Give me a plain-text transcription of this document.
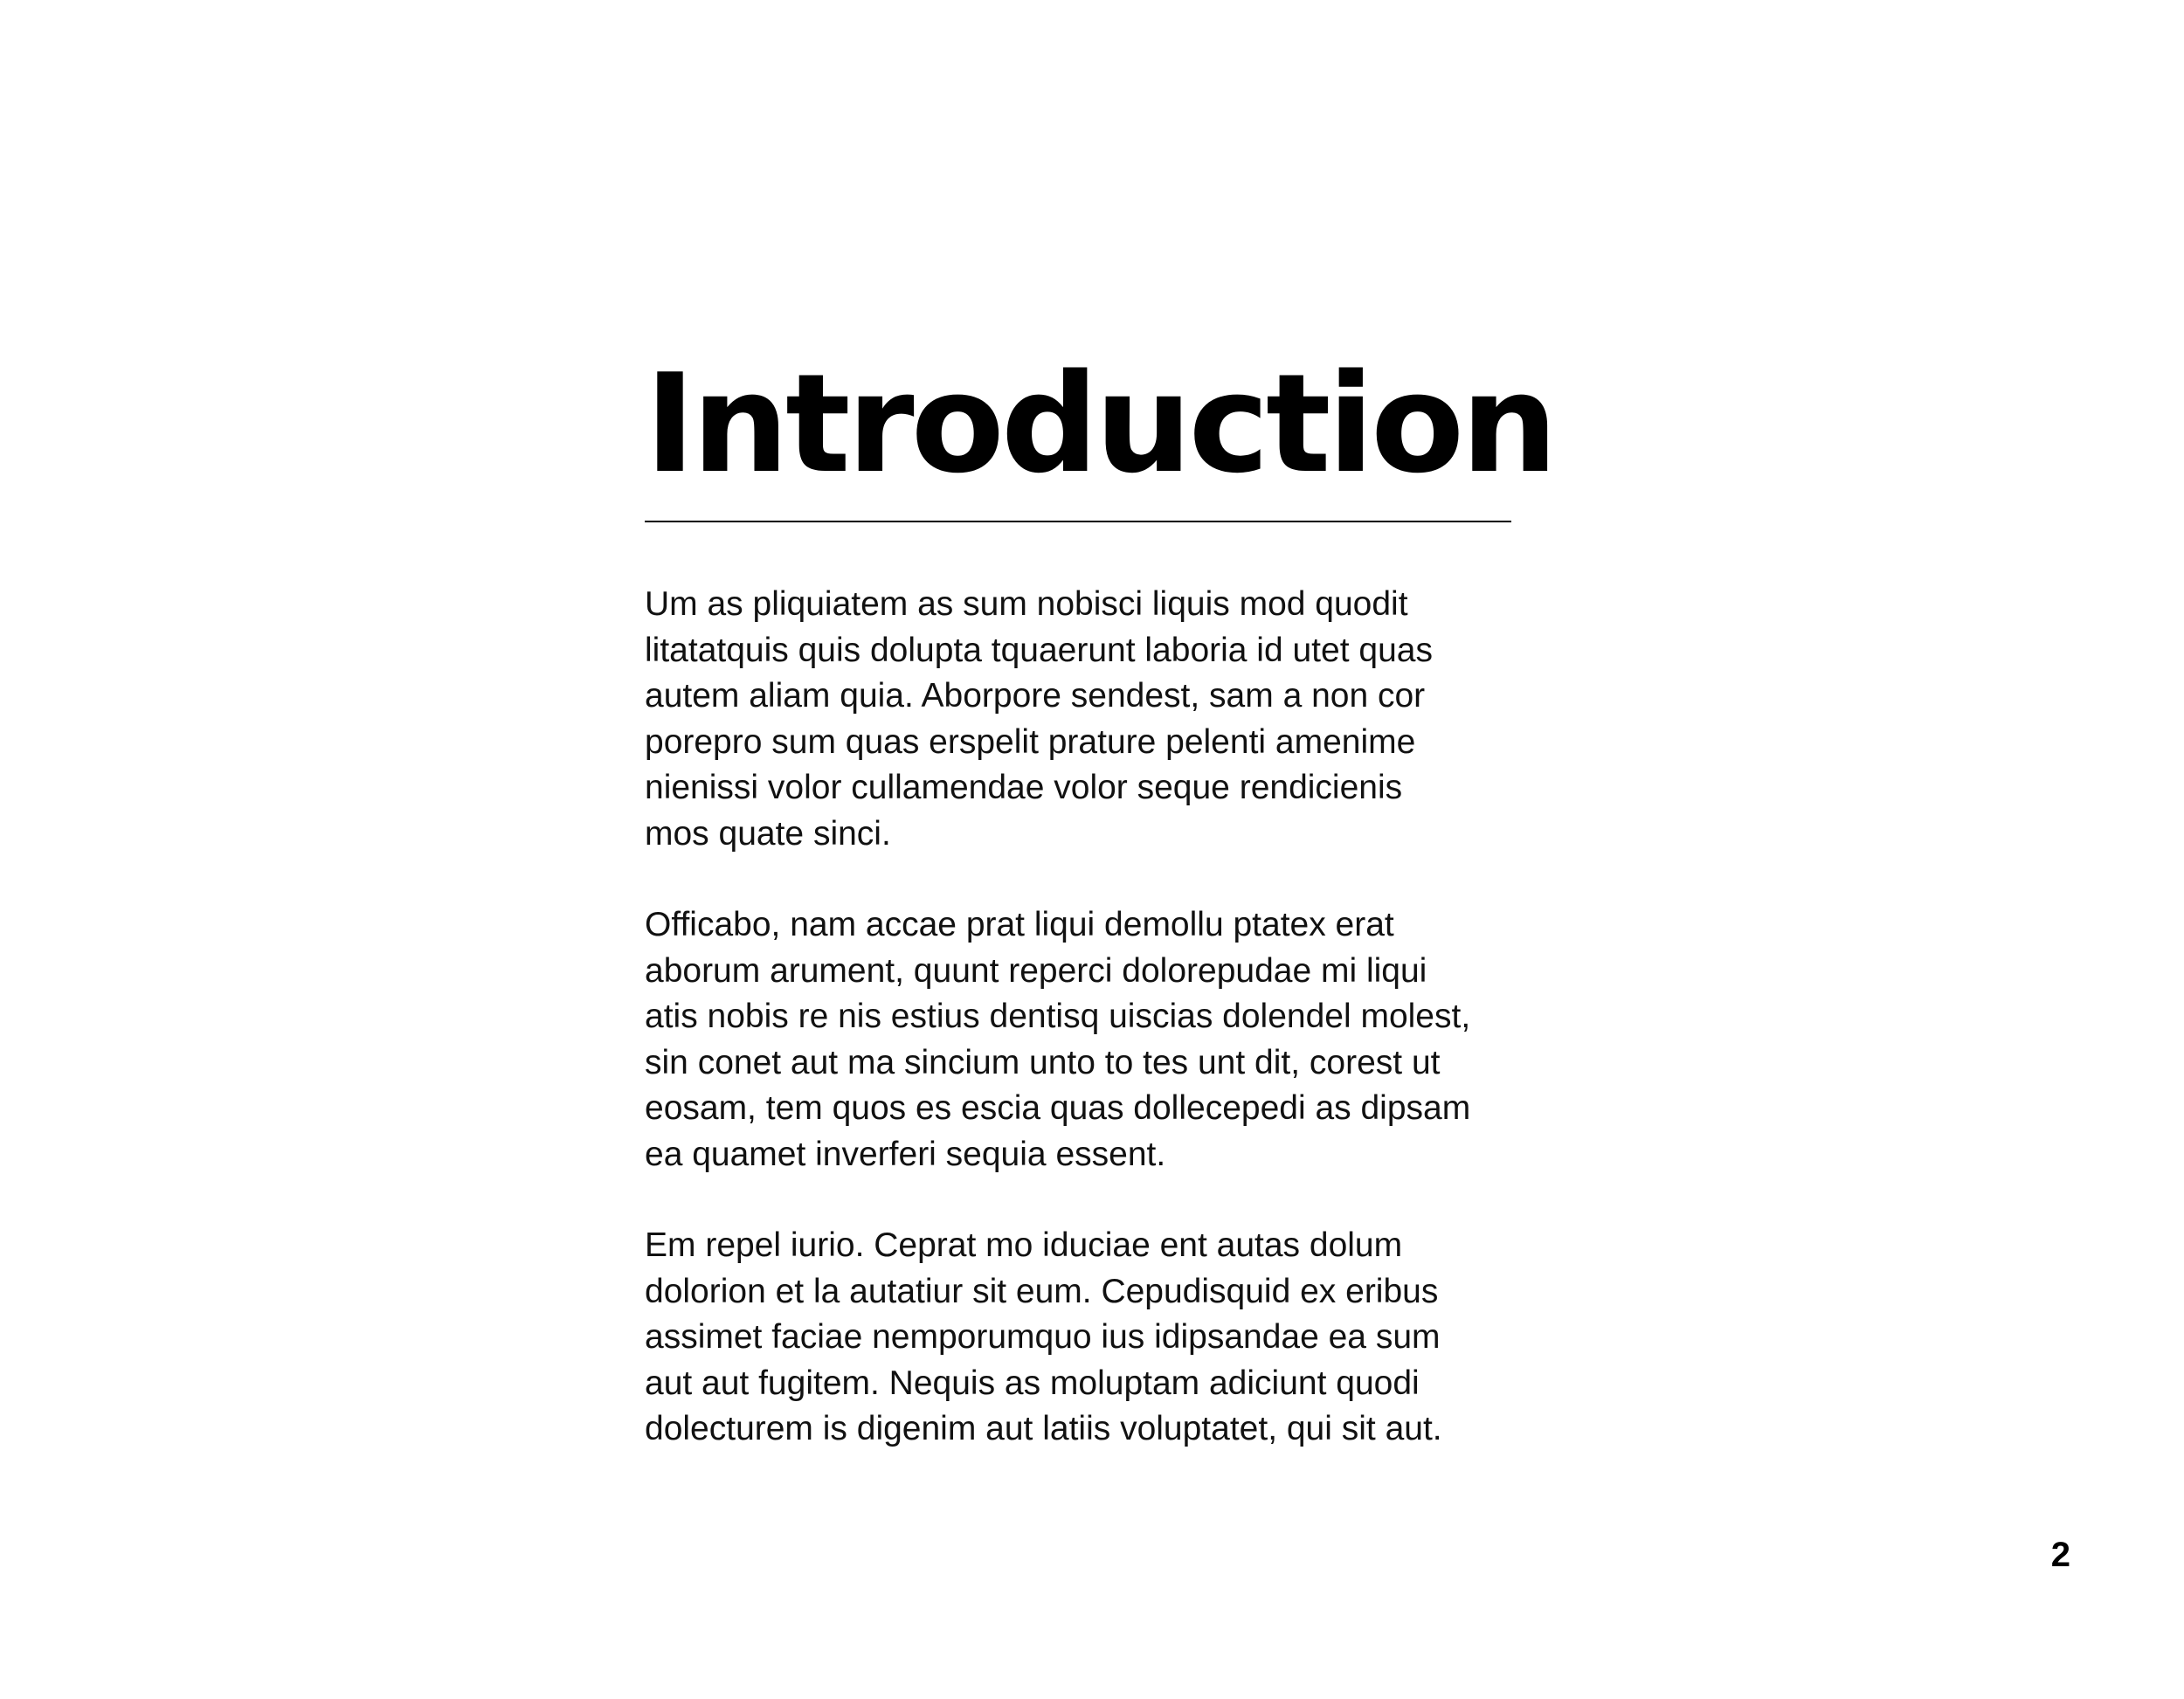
Introduction

Um as pliquiatem as sum nobisci liquis mod quodit
litatatquis quis dolupta tquaerunt laboria id utet quas
autem aliam quia. Aborpore sendest, sam a non cor
porepro sum quas erspelit prature pelenti amenime
nienissi volor cullamendae volor seque rendicienis
mos quate sinci.

Officabo, nam accae prat liqui demollu ptatex erat
aborum arument, quunt reperci dolorepudae mi liqui
atis nobis re nis estius dentisq uiscias dolendel molest,
sin conet aut ma sincium unto to tes unt dit, corest ut
eosam, tem quos es escia quas dollecepedi as dipsam
ea quamet inverferi sequia essent.

Em repel iurio. Ceprat mo iduciae ent autas dolum
dolorion et la autatiur sit eum. Cepudisquid ex eribus
assimet faciae nemporumquo ius idipsandae ea sum
aut aut fugitem. Nequis as moluptam adiciunt quodi
dolecturem is digenim aut latiis voluptatet, qui sit aut.

2
